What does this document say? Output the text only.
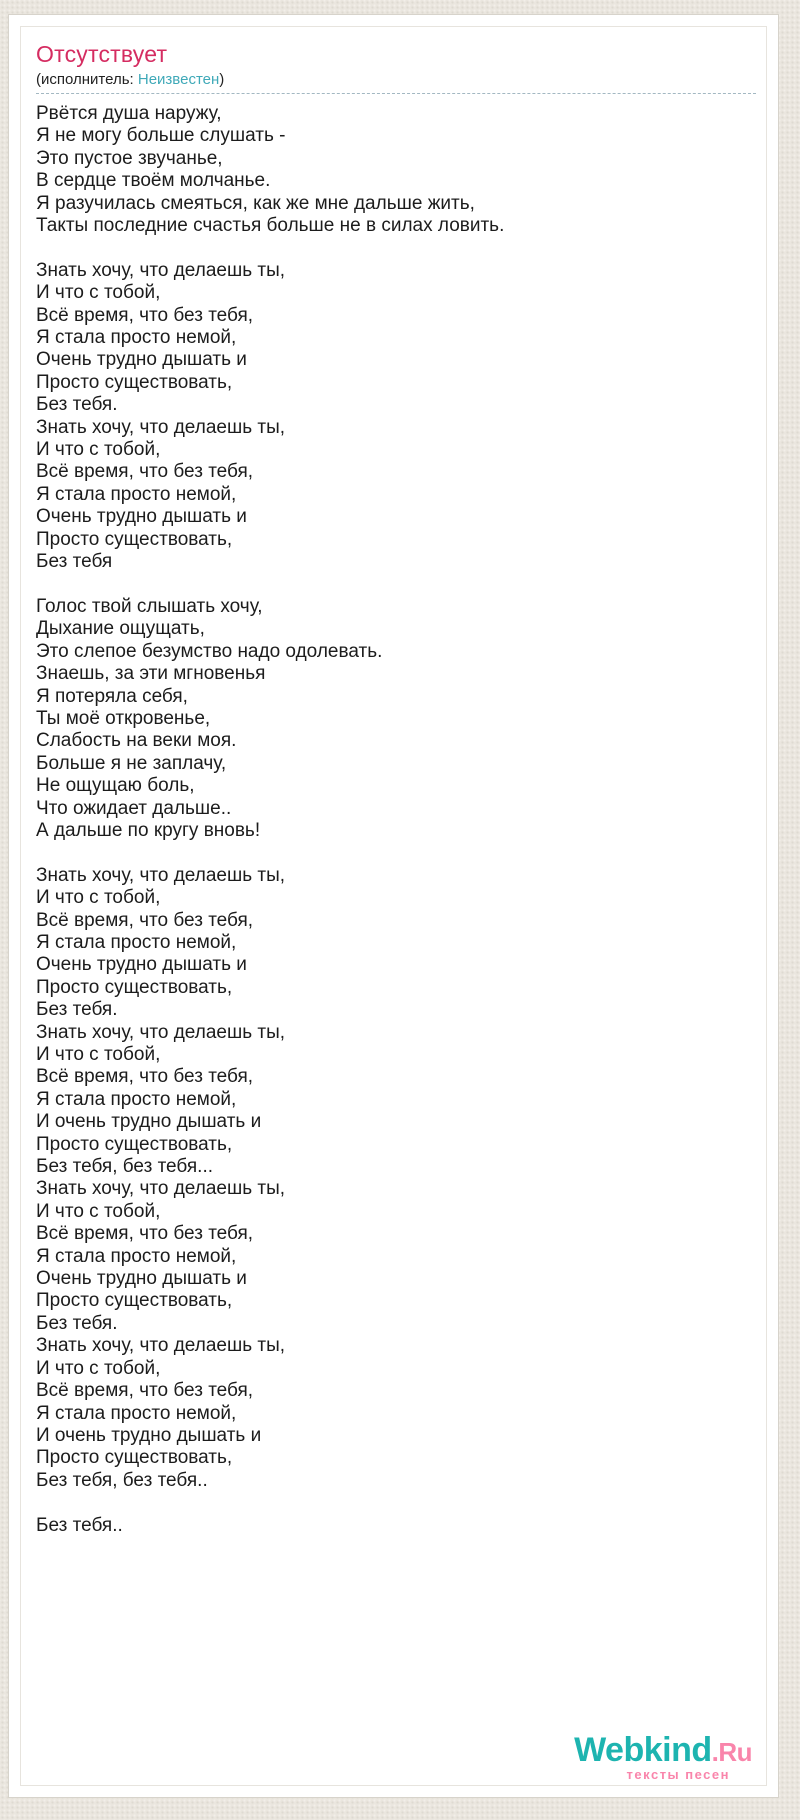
Отсутствует
(исполнитель: Неизвестен)

Рвётся душа наружу,
Я не могу больше слушать -
Это пустое звучанье,
В сердце твоём молчанье.
Я разучилась смеяться, как же мне дальше жить,
Такты последние счастья больше не в силах ловить.

Знать хочу, что делаешь ты,
И что с тобой,
Всё время, что без тебя,
Я стала просто немой,
Очень трудно дышать и
Просто существовать,
Без тебя.
Знать хочу, что делаешь ты,
И что с тобой,
Всё время, что без тебя,
Я стала просто немой,
Очень трудно дышать и
Просто существовать,
Без тебя

Голос твой слышать хочу,
Дыхание ощущать,
Это слепое безумство надо одолевать.
Знаешь, за эти мгновенья
Я потеряла себя,
Ты моё откровенье,
Слабость на веки моя.
Больше я не заплачу,
Не ощущаю боль,
Что ожидает дальше..
А дальше по кругу вновь!

Знать хочу, что делаешь ты,
И что с тобой,
Всё время, что без тебя,
Я стала просто немой,
Очень трудно дышать и
Просто существовать,
Без тебя.
Знать хочу, что делаешь ты,
И что с тобой,
Всё время, что без тебя,
Я стала просто немой,
И очень трудно дышать и
Просто существовать,
Без тебя, без тебя...
Знать хочу, что делаешь ты,
И что с тобой,
Всё время, что без тебя,
Я стала просто немой,
Очень трудно дышать и
Просто существовать,
Без тебя.
Знать хочу, что делаешь ты,
И что с тобой,
Всё время, что без тебя,
Я стала просто немой,
И очень трудно дышать и
Просто существовать,
Без тебя, без тебя..

Без тебя..

Webkind.Ru
тексты песен
